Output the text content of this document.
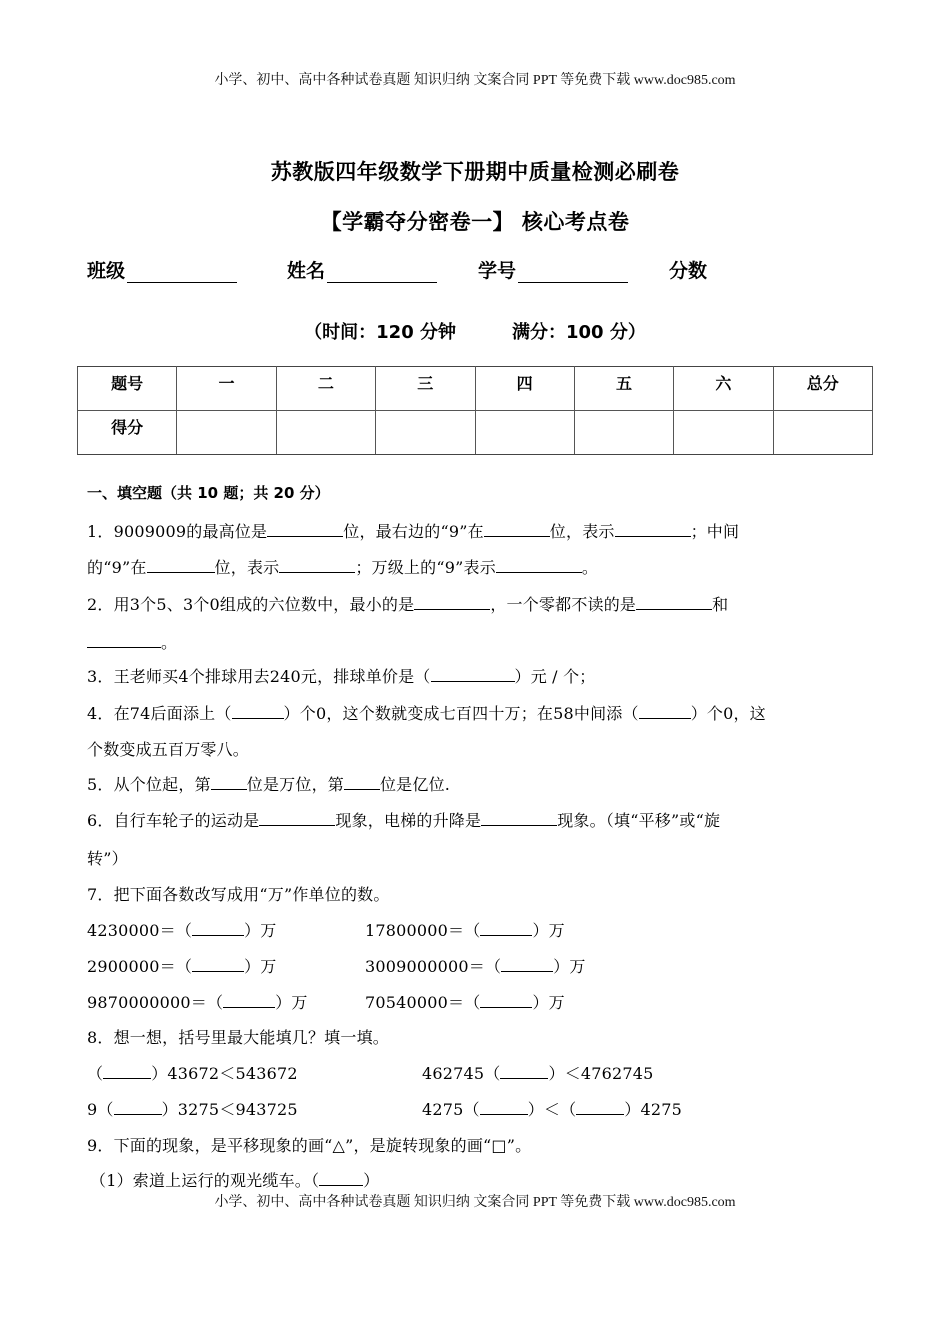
小学、初中、高中各种试卷真题 知识归纳 文案合同 PPT 等免费下载 www.doc985.com
苏教版四年级数学下册期中质量检测必刷卷
【学霸夺分密卷一】 核心考点卷
班级	姓名	学号	分数
（时间：120 分钟	满分：100 分）
题号	一	二	三	四	五	六	总分
得分							
一、填空题（共 10 题；共 20 分）
1．9009009的最高位是	位，最右边的“9”在	位，表示	；中间
的“9”在	位，表示	；万级上的“9”表示	。
2．用3个5、3个0组成的六位数中，最小的是	，一个零都不读的是	和
。
3．王老师买4个排球用去240元，排球单价是（	）元 / 个；
4．在74后面添上（	）个0，这个数就变成七百四十万；在58中间添（	）个0，这
个数变成五百万零八。
5．从个位起，第 位是万位，第 位是亿位.
6．自行车轮子的运动是	现象，电梯的升降是	现象。（填“平移”或“旋
转”）
7．把下面各数改写成用“万”作单位的数。
4230000＝（	）万	17800000＝（	）万
2900000＝（	）万	3009000000＝（	）万
9870000000＝（	）万	70540000＝（	）万
8．想一想，括号里最大能填几？填一填。
（	）43672＜543672	462745（	）＜4762745
9（	）3275＜943725	4275（	）＜（	）4275
9．下面的现象，是平移现象的画“△”，是旋转现象的画“□”。
（1）索道上运行的观光缆车。（	）
小学、初中、高中各种试卷真题 知识归纳 文案合同 PPT 等免费下载 www.doc985.com
